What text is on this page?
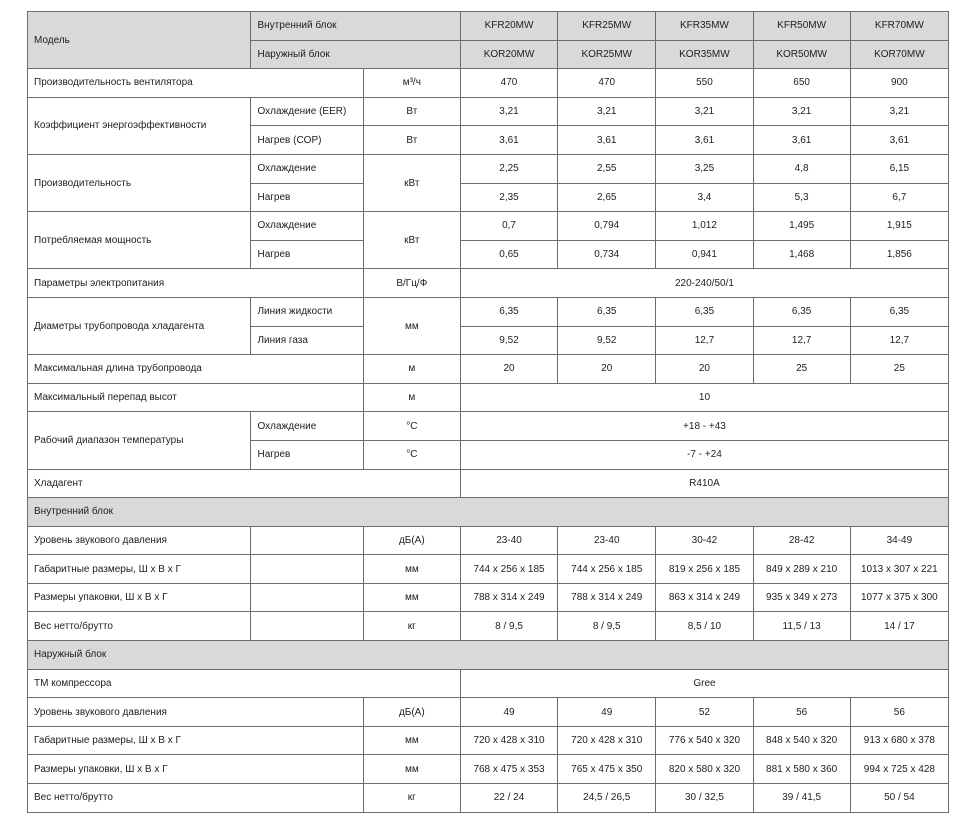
Модель	Внутренний блок		KFR20MW	KFR25MW	KFR35MW	KFR50MW	KFR70MW
	Наружный блок		KOR20MW	KOR25MW	KOR35MW	KOR50MW	KOR70MW
Производительность вентилятора		м³/ч	470	470	550	650	900
Коэффициент энергоэффективности	Охлаждение (EER)	Вт	3,21	3,21	3,21	3,21	3,21
	Нагрев (COP)	Вт	3,61	3,61	3,61	3,61	3,61
Производительность	Охлаждение	кВт	2,25	2,55	3,25	4,8	6,15
	Нагрев		2,35	2,65	3,4	5,3	6,7
Потребляемая мощность	Охлаждение	кВт	0,7	0,794	1,012	1,495	1,915
	Нагрев		0,65	0,734	0,941	1,468	1,856
Параметры электропитания		В/Гц/Ф	220-240/50/1				
Диаметры трубопровода хладагента	Линия жидкости	мм	6,35	6,35	6,35	6,35	6,35
	Линия газа		9,52	9,52	12,7	12,7	12,7
Максимальная длина трубопровода		м	20	20	20	25	25
Максимальный перепад высот		м	10				
Рабочий диапазон температуры	Охлаждение	°С	+18 - +43				
	Нагрев	°С	-7 - +24				
Хладагент			R410A				
Внутренний блок							
Уровень звукового давления		дБ(А)	23-40	23-40	30-42	28-42	34-49
Габаритные размеры, Ш x В x Г		мм	744 x 256 x 185	744 x 256 x 185	819 x 256 x 185	849 x 289 x 210	1013 x 307 x 221
Размеры упаковки, Ш x В x Г		мм	788 x 314 x 249	788 x 314 x 249	863 x 314 x 249	935 x 349 x 273	1077 x 375 x 300
Вес нетто/брутто		кг	8 / 9,5	8 / 9,5	8,5 / 10	11,5 / 13	14 / 17
Наружный блок							
ТМ компрессора			Gree				
Уровень звукового давления		дБ(А)	49	49	52	56	56
Габаритные размеры, Ш x В x Г		мм	720 x 428 x 310	720 x 428 x 310	776 x 540 x 320	848 x 540 x 320	913 x 680 x 378
Размеры упаковки, Ш x В x Г		мм	768 x 475 x 353	765 x 475 x 350	820 x 580 x 320	881 x 580 x 360	994 x 725 x 428
Вес нетто/брутто		кг	22 / 24	24,5 / 26,5	30 / 32,5	39 / 41,5	50 / 54
